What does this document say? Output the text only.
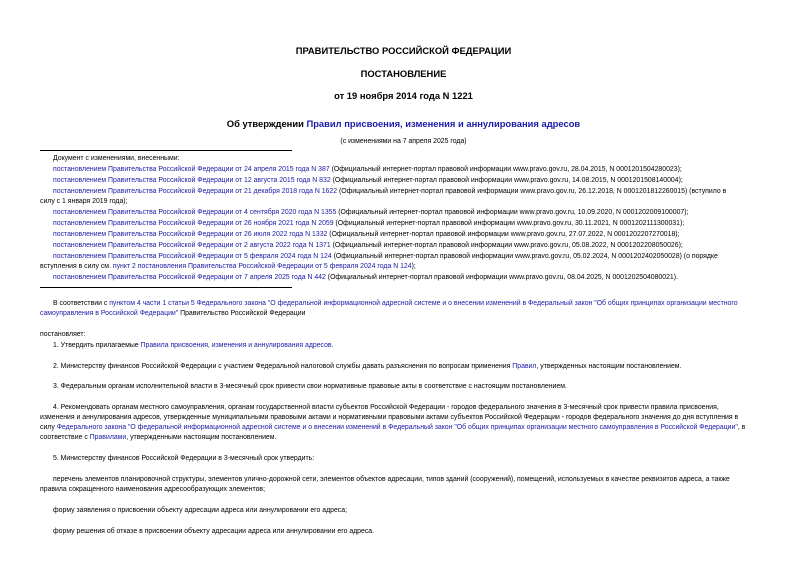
ПРАВИТЕЛЬСТВО РОССИЙСКОЙ ФЕДЕРАЦИИ
ПОСТАНОВЛЕНИЕ
от 19 ноября 2014 года N 1221
Об утверждении Правил присвоения, изменения и аннулирования адресов
(с изменениями на 7 апреля 2025 года)
Документ с изменениями, внесенными:
постановлением Правительства Российской Федерации от 24 апреля 2015 года N 387 (Официальный интернет-портал правовой информации www.pravo.gov.ru, 28.04.2015, N 0001201504280023);
постановлением Правительства Российской Федерации от 12 августа 2015 года N 832 (Официальный интернет-портал правовой информации www.pravo.gov.ru, 14.08.2015, N 0001201508140004);
постановлением Правительства Российской Федерации от 21 декабря 2018 года N 1622 (Официальный интернет-портал правовой информации www.pravo.gov.ru, 26.12.2018, N 0001201812260015) (вступило в
силу с 1 января 2019 года);
постановлением Правительства Российской Федерации от 4 сентября 2020 года N 1355 (Официальный интернет-портал правовой информации www.pravo.gov.ru, 10.09.2020, N 0001202009100007);
постановлением Правительства Российской Федерации от 26 ноября 2021 года N 2059 (Официальный интернет-портал правовой информации www.pravo.gov.ru, 30.11.2021, N 0001202111300031);
постановлением Правительства Российской Федерации от 26 июля 2022 года N 1332 (Официальный интернет-портал правовой информации www.pravo.gov.ru, 27.07.2022, N 0001202207270018);
постановлением Правительства Российской Федерации от 2 августа 2022 года N 1371 (Официальный интернет-портал правовой информации www.pravo.gov.ru, 05.08.2022, N 0001202208050026);
постановлением Правительства Российской Федерации от 5 февраля 2024 года N 124 (Официальный интернет-портал правовой информации www.pravo.gov.ru, 05.02.2024, N 0001202402050028) (о порядке
вступления в силу см. пункт 2 постановления Правительства Российской Федерации от 5 февраля 2024 года N 124);
постановлением Правительства Российской Федерации от 7 апреля 2025 года N 442 (Официальный интернет-портал правовой информации www.pravo.gov.ru, 08.04.2025, N 0001202504080021).
В соответствии с пунктом 4 части 1 статьи 5 Федерального закона "О федеральной информационной адресной системе и о внесении изменений в Федеральный закон "Об общих принципах организации местного
самоуправления в Российской Федерации" Правительство Российской Федерации
постановляет:
1. Утвердить прилагаемые Правила присвоения, изменения и аннулирования адресов.
2. Министерству финансов Российской Федерации с участием Федеральной налоговой службы давать разъяснения по вопросам применения Правил, утвержденных настоящим постановлением.
3. Федеральным органам исполнительной власти в 3-месячный срок привести свои нормативные правовые акты в соответствие с настоящим постановлением.
4. Рекомендовать органам местного самоуправления, органам государственной власти субъектов Российской Федерации - городов федерального значения в 3-месячный срок привести правила присвоения,
изменения и аннулирования адресов, утвержденные муниципальными правовыми актами и нормативными правовыми актами субъектов Российской Федерации - городов федерального значения до дня вступления в
силу Федерального закона "О федеральной информационной адресной системе и о внесении изменений в Федеральный закон "Об общих принципах организации местного самоуправления в Российской Федерации", в
соответствие с Правилами, утвержденными настоящим постановлением.
5. Министерству финансов Российской Федерации в 3-месячный срок утвердить:
перечень элементов планировочной структуры, элементов улично-дорожной сети, элементов объектов адресации, типов зданий (сооружений), помещений, используемых в качестве реквизитов адреса, а также
правила сокращенного наименования адресообразующих элементов;
форму заявления о присвоении объекту адресации адреса или аннулировании его адреса;
форму решения об отказе в присвоении объекту адресации адреса или аннулировании его адреса.
